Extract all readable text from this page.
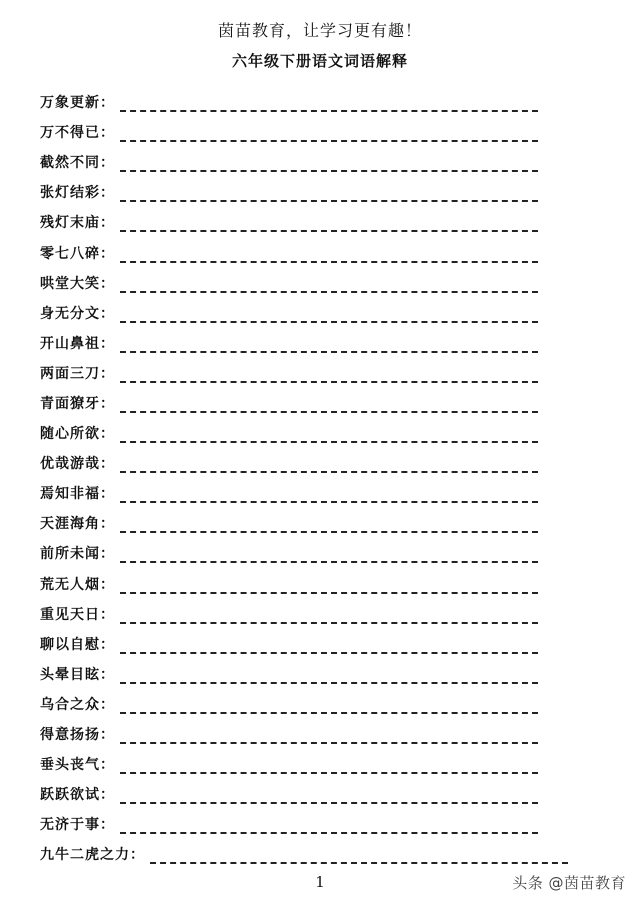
茵苗教育，让学习更有趣！
六年级下册语文词语解释
万象更新 ：
万不得已 ：
截然不同 ：
张灯结彩 ：
残灯末庙 ：
零七八碎 ：
哄堂大笑 ：
身无分文 ：
开山鼻祖 ：
两面三刀 ：
青面獠牙 ：
随心所欲 ：
优哉游哉 ：
焉知非福 ：
天涯海角 ：
前所未闻 ：
荒无人烟 ：
重见天日 ：
聊以自慰 ：
头晕目眩 ：
乌合之众 ：
得意扬扬 ：
垂头丧气 ：
跃跃欲试 ：
无济于事 ：
九牛二虎之力 ：
1	头条 @茵苗教育
